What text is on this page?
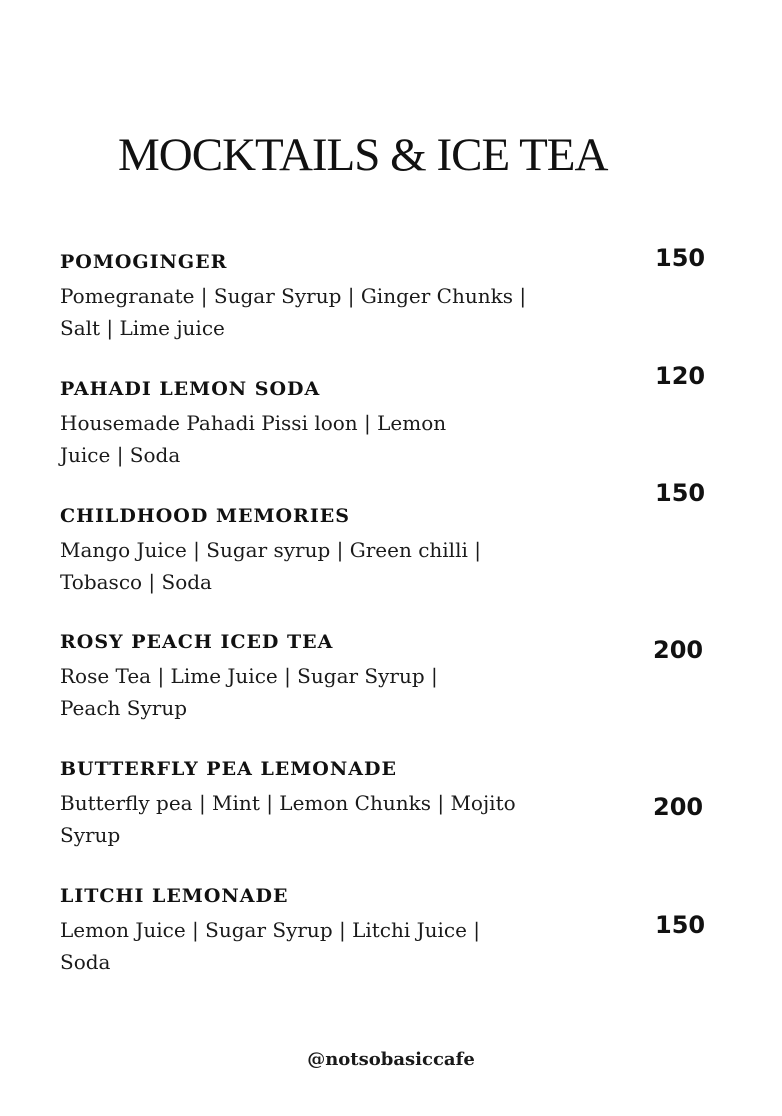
MOCKTAILS & ICE TEA
POMOGINGER
Pomegranate | Sugar Syrup | Ginger Chunks |
Salt | Lime juice
150
PAHADI LEMON SODA
Housemade Pahadi Pissi loon | Lemon
Juice | Soda
120
CHILDHOOD MEMORIES
Mango Juice | Sugar syrup | Green chilli |
Tobasco | Soda
150
ROSY PEACH ICED TEA
Rose Tea | Lime Juice | Sugar Syrup |
Peach Syrup
200
BUTTERFLY PEA LEMONADE
Butterfly pea | Mint | Lemon Chunks | Mojito
Syrup
200
LITCHI LEMONADE
Lemon Juice | Sugar Syrup | Litchi Juice |
Soda
150
@notsobasiccafe
